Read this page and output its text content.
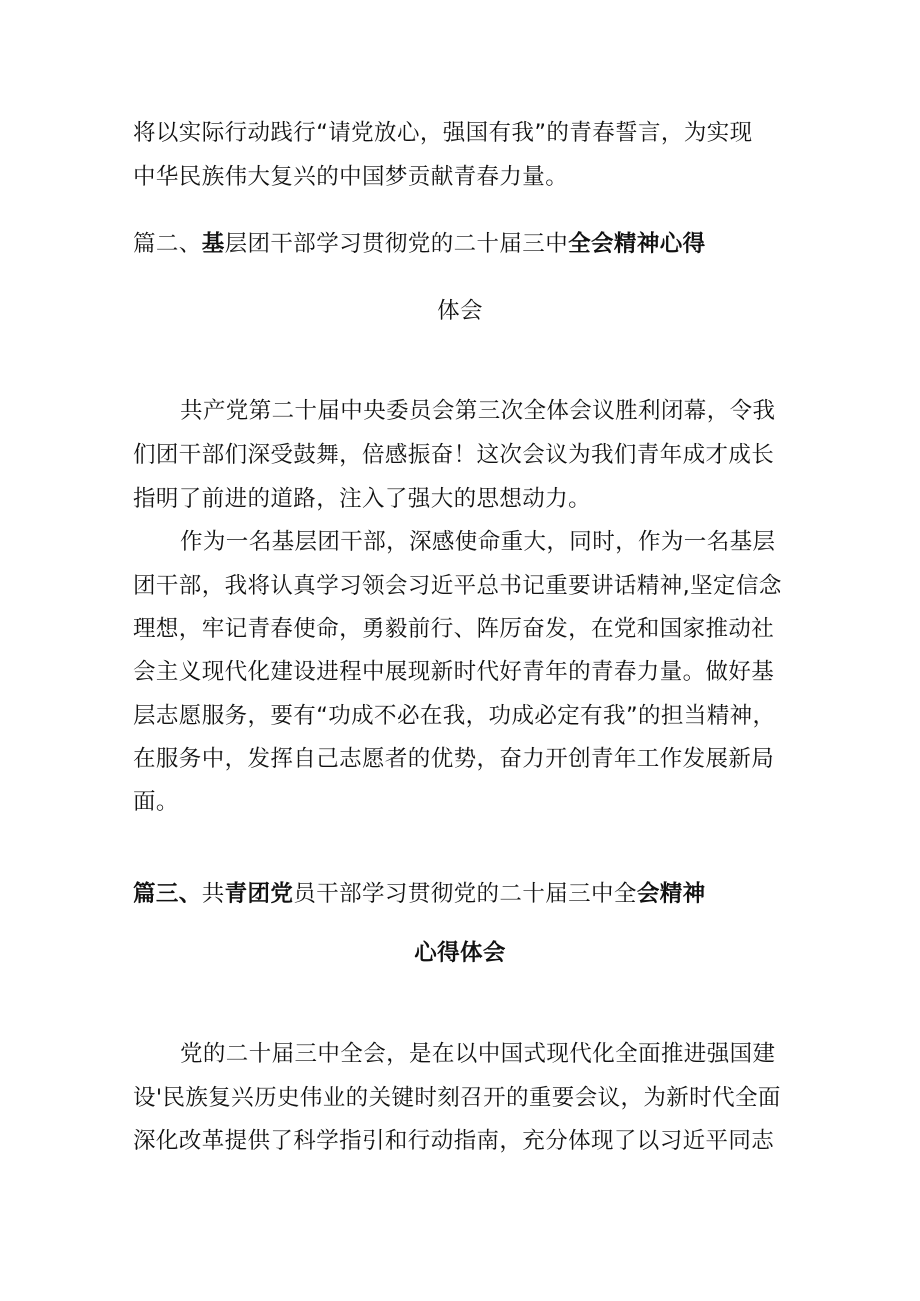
将以实际行动践行“请党放心，强国有我”的青春誓言，为实现
中华民族伟大复兴的中国梦贡献青春力量。
篇二、基层团干部学习贯彻党的二十届三中全会精神心得
体会
共产党第二十届中央委员会第三次全体会议胜利闭幕，令我
们团干部们深受鼓舞，倍感振奋！这次会议为我们青年成才成长
指明了前进的道路，注入了强大的思想动力。
作为一名基层团干部，深感使命重大，同时，作为一名基层
团干部，我将认真学习领会习近平总书记重要讲话精神,坚定信念
理想，牢记青春使命，勇毅前行、阵厉奋发，在党和国家推动社
会主义现代化建设进程中展现新时代好青年的青春力量。做好基
层志愿服务，要有“功成不必在我，功成必定有我”的担当精神，
在服务中，发挥自己志愿者的优势，奋力开创青年工作发展新局
面。
篇三、共青团党员干部学习贯彻党的二十届三中全会精神
心得体会
党的二十届三中全会，是在以中国式现代化全面推进强国建
设'民族复兴历史伟业的关键时刻召开的重要会议，为新时代全面
深化改革提供了科学指引和行动指南，充分体现了以习近平同志
